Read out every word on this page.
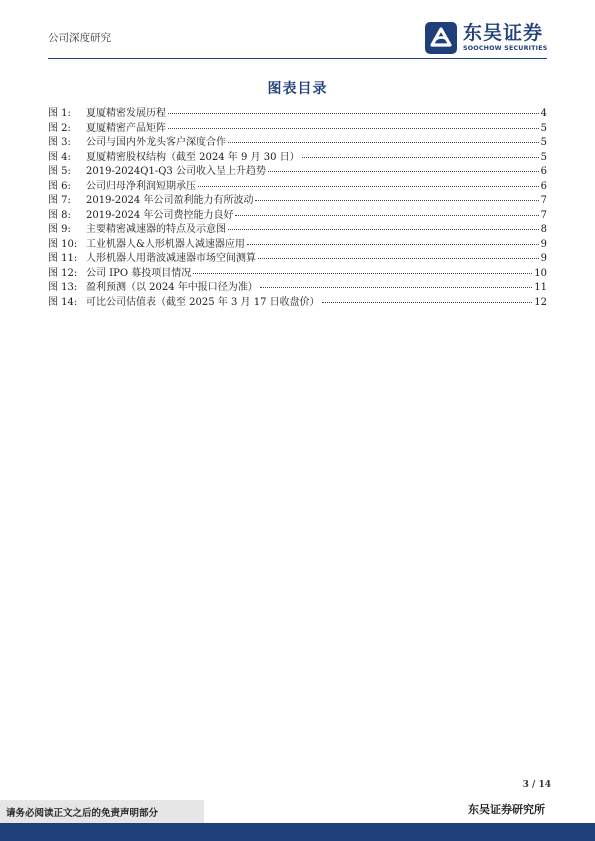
公司深度研究	东吴证券
SOOCHOW SECURITIES
图表目录
图 1:	夏厦精密发展历程	4
图 2:	夏厦精密产品矩阵	5
图 3:	公司与国内外龙头客户深度合作	5
图 4:	夏厦精密股权结构（截至 2024 年 9 月 30 日）	5
图 5:	2019-2024Q1-Q3 公司收入呈上升趋势	6
图 6:	公司归母净利润短期承压	6
图 7:	2019-2024 年公司盈利能力有所波动	7
图 8:	2019-2024 年公司费控能力良好	7
图 9:	主要精密减速器的特点及示意图	8
图 10: 工业机器人&人形机器人减速器应用	9
图 11: 人形机器人用谐波减速器市场空间测算	9
图 12: 公司 IPO 募投项目情况	10
图 13: 盈利预测（以 2024 年中报口径为准）	11
图 14: 可比公司估值表（截至 2025 年 3 月 17 日收盘价）	12
3 / 14
请务必阅读正文之后的免责声明部分	东吴证券研究所
